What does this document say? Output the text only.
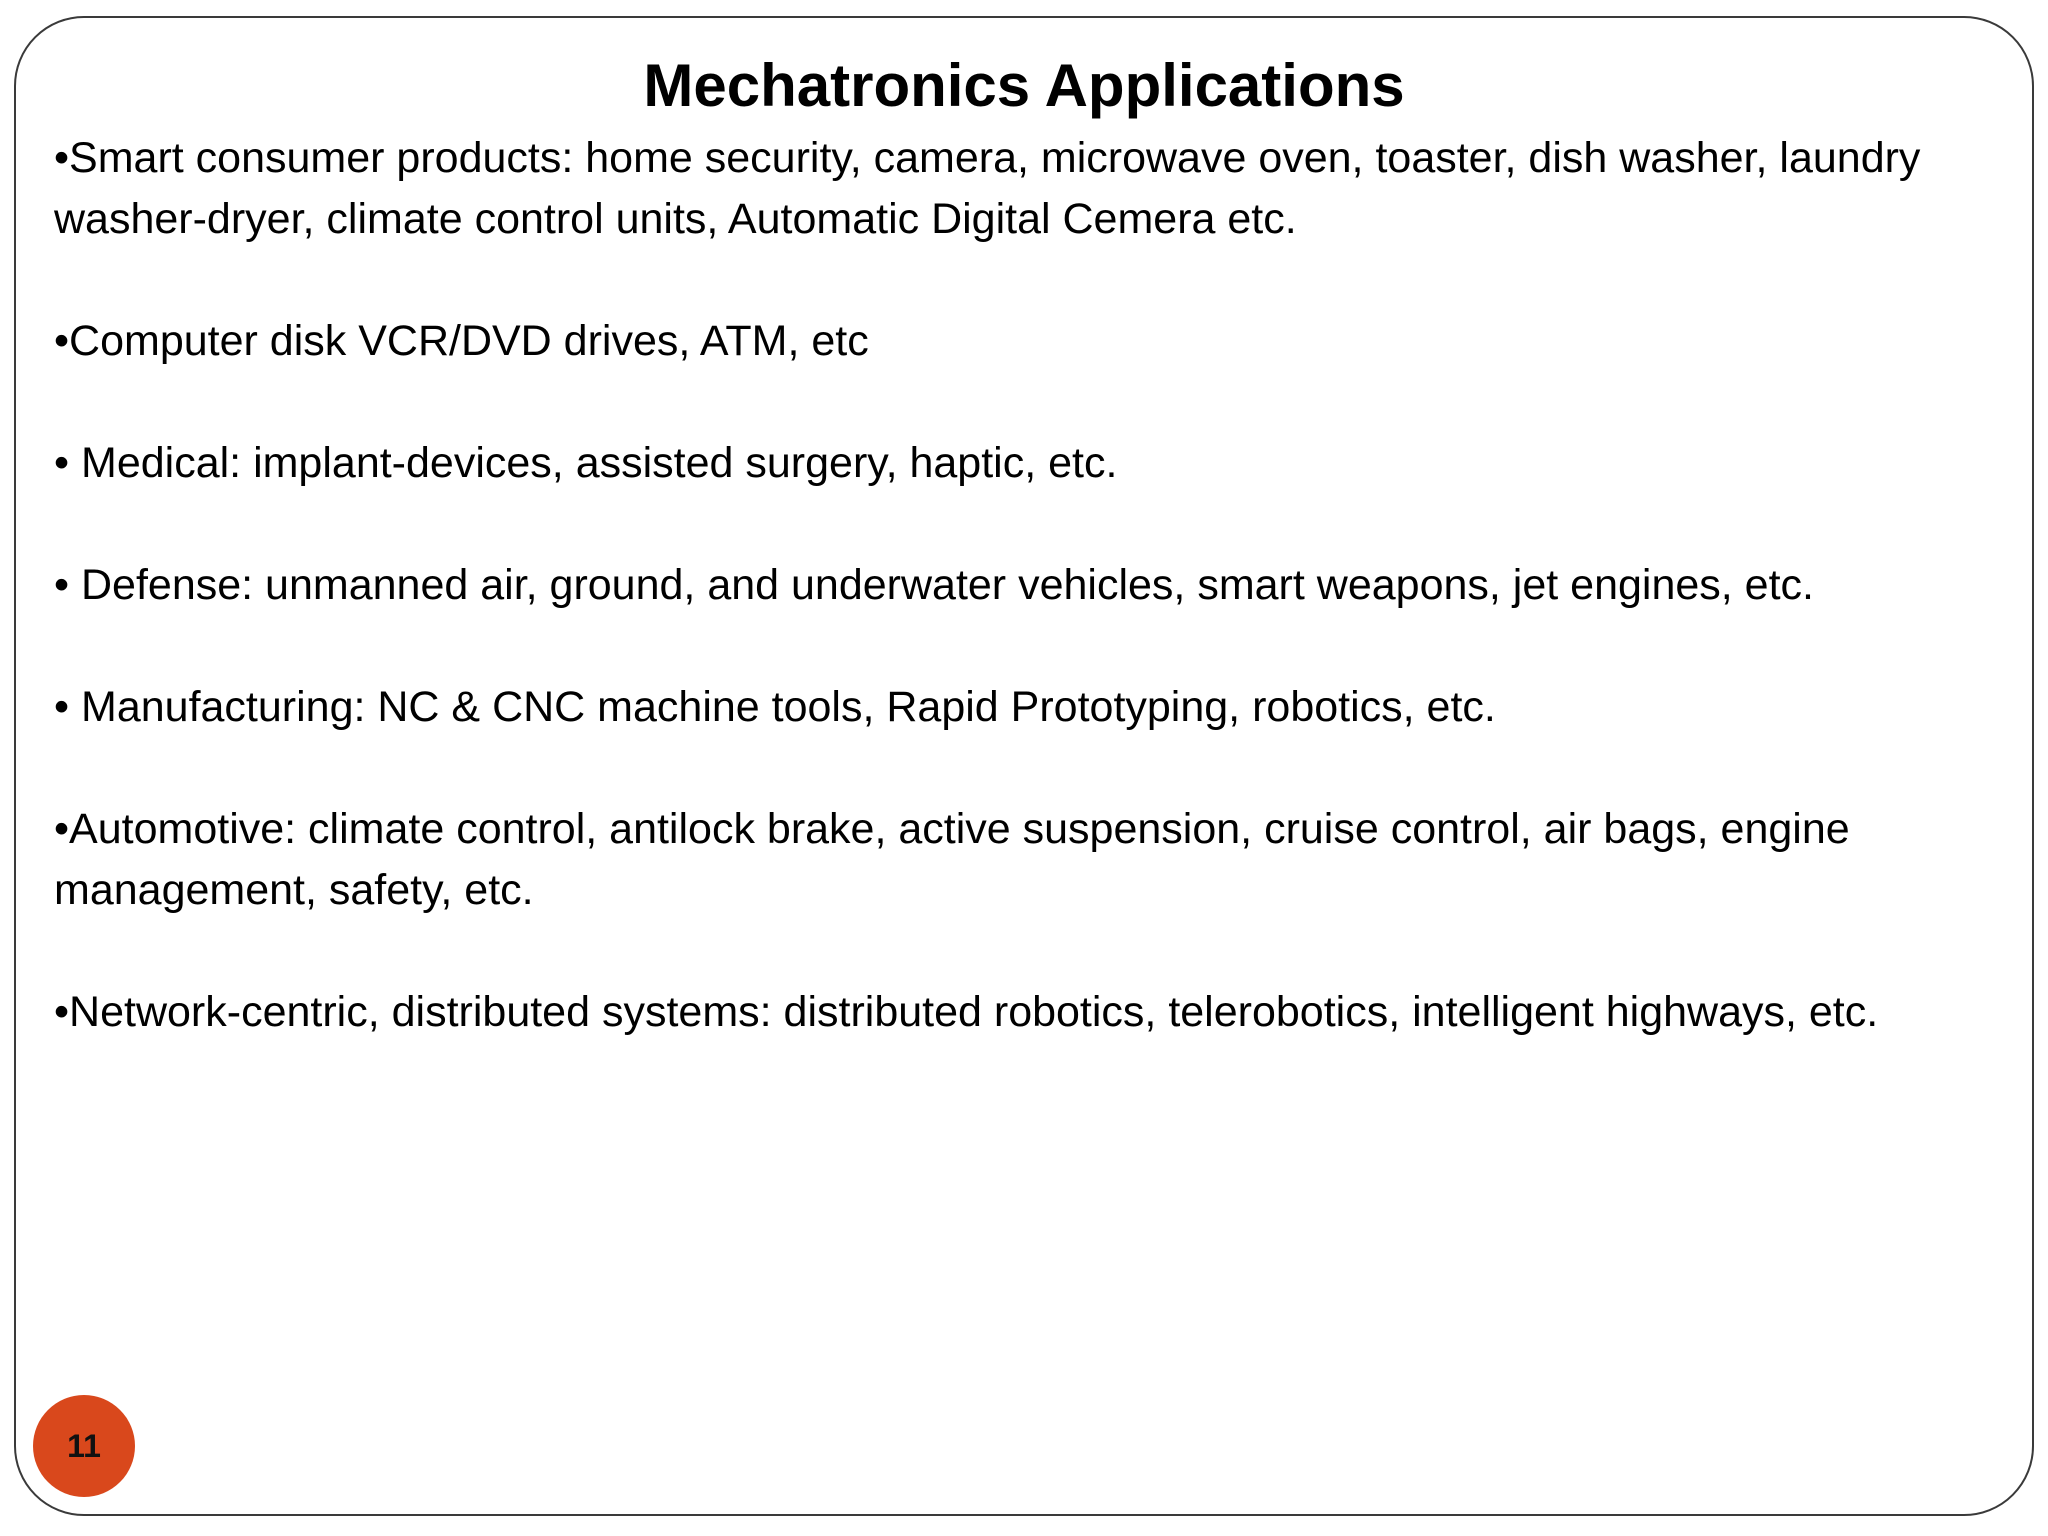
Mechatronics Applications
•Smart consumer products: home security, camera, microwave oven, toaster, dish washer, laundry washer-dryer, climate control units, Automatic Digital Cemera etc.
•Computer disk VCR/DVD drives, ATM, etc
• Medical: implant-devices, assisted surgery, haptic, etc.
• Defense: unmanned air, ground, and underwater vehicles, smart weapons, jet engines, etc.
• Manufacturing: NC & CNC machine tools, Rapid Prototyping, robotics, etc.
•Automotive: climate control, antilock brake, active suspension, cruise control, air bags, engine management, safety, etc.
•Network-centric, distributed systems: distributed robotics, telerobotics, intelligent highways, etc.
11
